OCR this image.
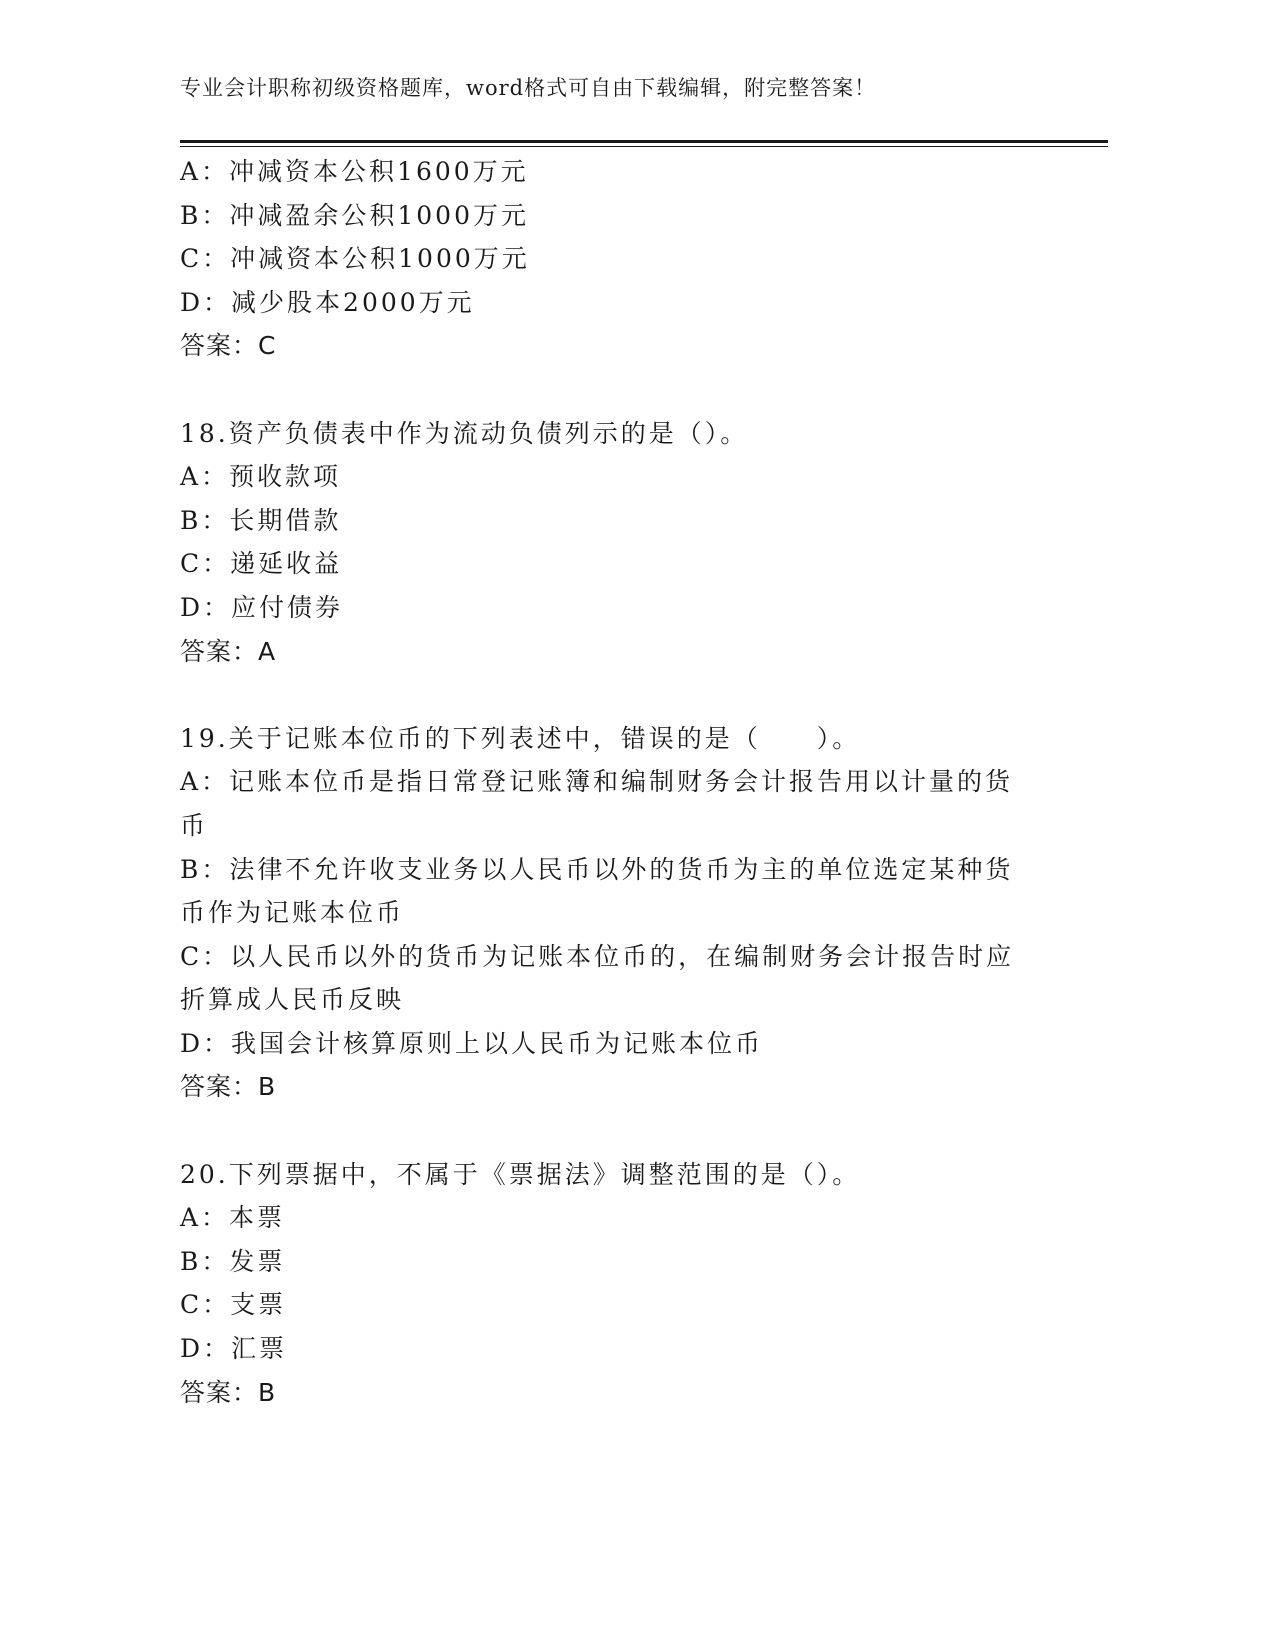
专业会计职称初级资格题库，word格式可自由下载编辑，附完整答案！
A：冲减资本公积1600万元
B：冲减盈余公积1000万元
C：冲减资本公积1000万元
D：减少股本2000万元
答案：C
18.资产负债表中作为流动负债列示的是（）。
A：预收款项
B：长期借款
C：递延收益
D：应付债券
答案：A
19.关于记账本位币的下列表述中，错误的是（　　）。
A：记账本位币是指日常登记账簿和编制财务会计报告用以计量的货币
B：法律不允许收支业务以人民币以外的货币为主的单位选定某种货币作为记账本位币
C：以人民币以外的货币为记账本位币的，在编制财务会计报告时应折算成人民币反映
D：我国会计核算原则上以人民币为记账本位币
答案：B
20.下列票据中，不属于《票据法》调整范围的是（）。
A：本票
B：发票
C：支票
D：汇票
答案：B
